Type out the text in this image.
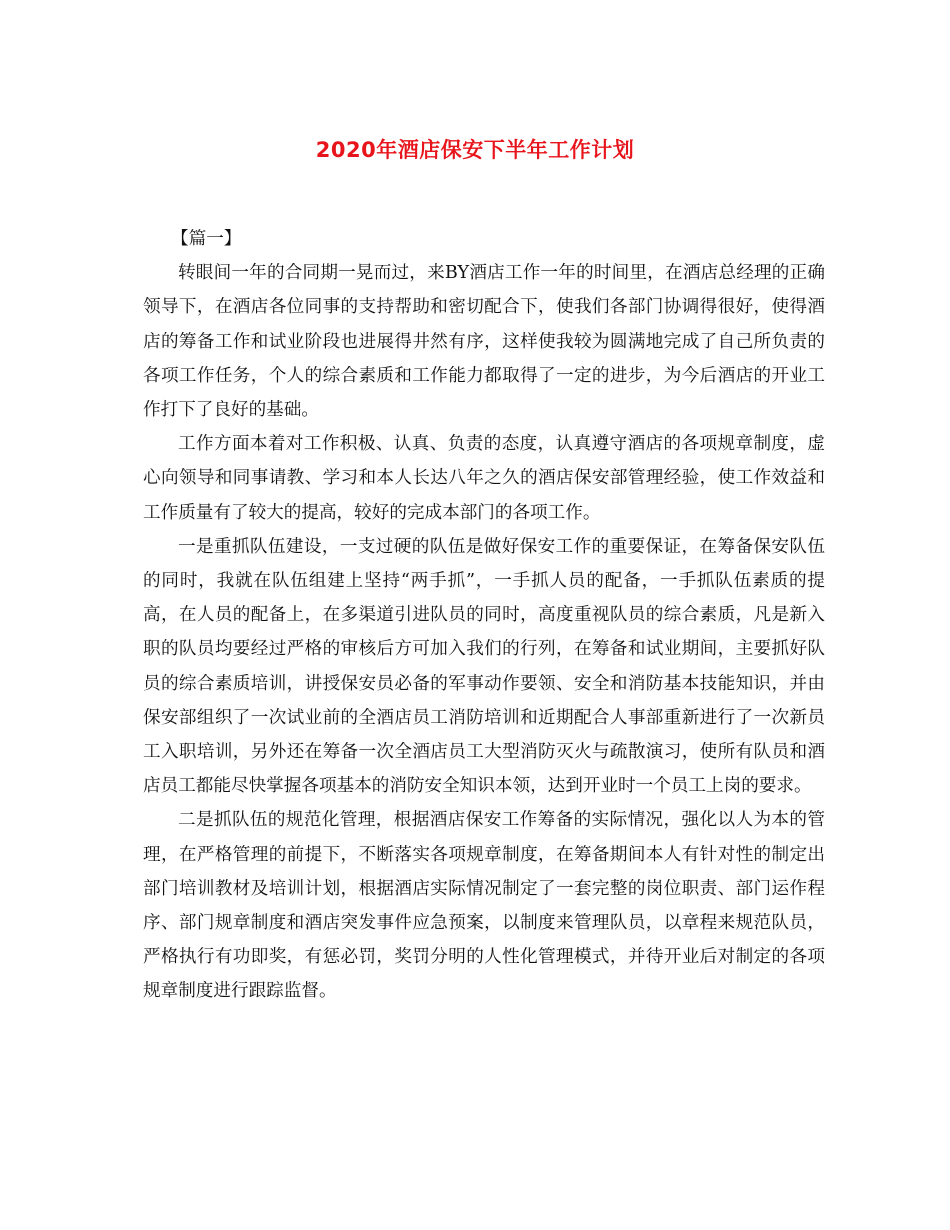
2020年酒店保安下半年工作计划

【篇一】

转眼间一年的合同期一晃而过，来BY酒店工作一年的时间里，在酒店总经理的正确领导下，在酒店各位同事的支持帮助和密切配合下，使我们各部门协调得很好，使得酒店的筹备工作和试业阶段也进展得井然有序，这样使我较为圆满地完成了自己所负责的各项工作任务，个人的综合素质和工作能力都取得了一定的进步，为今后酒店的开业工作打下了良好的基础。

工作方面本着对工作积极、认真、负责的态度，认真遵守酒店的各项规章制度，虚心向领导和同事请教、学习和本人长达八年之久的酒店保安部管理经验，使工作效益和工作质量有了较大的提高，较好的完成本部门的各项工作。

一是重抓队伍建设，一支过硬的队伍是做好保安工作的重要保证，在筹备保安队伍的同时，我就在队伍组建上坚持“两手抓”，一手抓人员的配备，一手抓队伍素质的提高，在人员的配备上，在多渠道引进队员的同时，高度重视队员的综合素质，凡是新入职的队员均要经过严格的审核后方可加入我们的行列，在筹备和试业期间，主要抓好队员的综合素质培训，讲授保安员必备的军事动作要领、安全和消防基本技能知识，并由保安部组织了一次试业前的全酒店员工消防培训和近期配合人事部重新进行了一次新员工入职培训，另外还在筹备一次全酒店员工大型消防灭火与疏散演习，使所有队员和酒店员工都能尽快掌握各项基本的消防安全知识本领，达到开业时一个员工上岗的要求。

二是抓队伍的规范化管理，根据酒店保安工作筹备的实际情况，强化以人为本的管理，在严格管理的前提下，不断落实各项规章制度，在筹备期间本人有针对性的制定出部门培训教材及培训计划，根据酒店实际情况制定了一套完整的岗位职责、部门运作程序、部门规章制度和酒店突发事件应急预案，以制度来管理队员，以章程来规范队员，严格执行有功即奖，有惩必罚，奖罚分明的人性化管理模式，并待开业后对制定的各项规章制度进行跟踪监督。
